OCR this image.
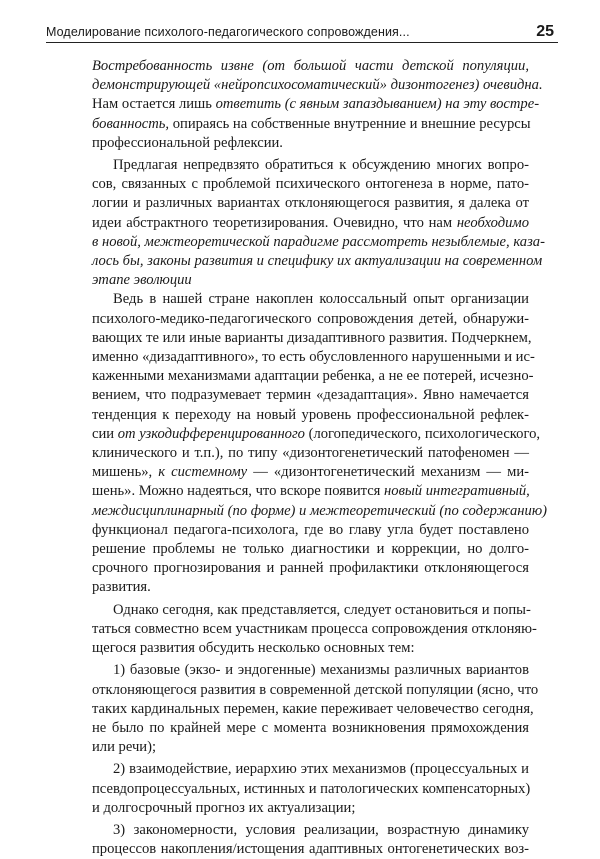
Моделирование психолого-педагогического сопровождения...	25
Востребованность извне (от большой части детской популяции,
демонстрирующей «нейропсихосоматический» дизонтогенез) очевидна.
Нам остается лишь ответить (с явным запаздыванием) на эту востре-
бованность, опираясь на собственные внутренние и внешние ресурсы
профессиональной рефлексии.
Предлагая непредвзято обратиться к обсуждению многих вопро-
сов, связанных с проблемой психического онтогенеза в норме, пато-
логии и различных вариантах отклоняющегося развития, я далека от
идеи абстрактного теоретизирования. Очевидно, что нам необходимо
в новой, межтеоретической парадигме рассмотреть незыблемые, каза-
лось бы, законы развития и специфику их актуализации на современном
этапе эволюции
Ведь в нашей стране накоплен колоссальный опыт организации
психолого-медико-педагогического сопровождения детей, обнаружи-
вающих те или иные варианты дизадаптивного развития. Подчеркнем,
именно «дизадаптивного», то есть обусловленного нарушенными и ис-
каженными механизмами адаптации ребенка, а не ее потерей, исчезно-
вением, что подразумевает термин «дезадаптация». Явно намечается
тенденция к переходу на новый уровень профессиональной рефлек-
сии от узкодифференцированного (логопедического, психологического,
клинического и т.п.), по типу «дизонтогенетический патофеномен —
мишень», к системному — «дизонтогенетический механизм — ми-
шень». Можно надеяться, что вскоре появится новый интегративный,
междисциплинарный (по форме) и межтеоретический (по содержанию)
функционал педагога-психолога, где во главу угла будет поставлено
решение проблемы не только диагностики и коррекции, но долго-
срочного прогнозирования и ранней профилактики отклоняющегося
развития.
Однако сегодня, как представляется, следует остановиться и попы-
таться совместно всем участникам процесса сопровождения отклоняю-
щегося развития обсудить несколько основных тем:
1) базовые (экзо- и эндогенные) механизмы различных вариантов
отклоняющегося развития в современной детской популяции (ясно, что
таких кардинальных перемен, какие переживает человечество сегодня,
не было по крайней мере с момента возникновения прямохождения
или речи);
2) взаимодействие, иерархию этих механизмов (процессуальных и
псевдопроцессуальных, истинных и патологических компенсаторных)
и долгосрочный прогноз их актуализации;
3) закономерности, условия реализации, возрастную динамику
процессов накопления/истощения адаптивных онтогенетических воз-
